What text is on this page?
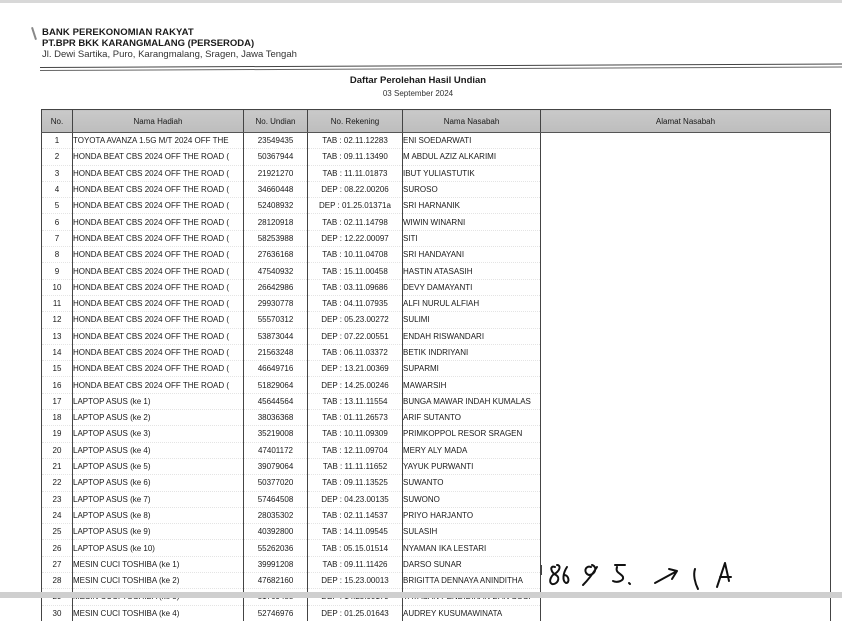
BANK PEREKONOMIAN RAKYAT
PT.BPR BKK KARANGMALANG (PERSERODA)
Jl. Dewi Sartika, Puro, Karangmalang, Sragen, Jawa Tengah
Daftar Perolehan Hasil Undian
03 September 2024
No.	Nama Hadiah	No. Undian	No. Rekening	Nama Nasabah	Alamat Nasabah
1	TOYOTA AVANZA 1.5G M/T 2024 OFF THE	23549435	TAB : 02.11.12283	ENI SOEDARWATI	
2	HONDA BEAT CBS 2024 OFF THE ROAD (	50367944	TAB : 09.11.13490	M ABDUL AZIZ ALKARIMI	
3	HONDA BEAT CBS 2024 OFF THE ROAD (	21921270	TAB : 11.11.01873	IBUT YULIASTUTIK	
4	HONDA BEAT CBS 2024 OFF THE ROAD (	34660448	DEP : 08.22.00206	SUROSO	
5	HONDA BEAT CBS 2024 OFF THE ROAD (	52408932	DEP : 01.25.01371a	SRI HARNANIK	
6	HONDA BEAT CBS 2024 OFF THE ROAD (	28120918	TAB : 02.11.14798	WIWIN WINARNI	
7	HONDA BEAT CBS 2024 OFF THE ROAD (	58253988	DEP : 12.22.00097	SITI	
8	HONDA BEAT CBS 2024 OFF THE ROAD (	27636168	TAB : 10.11.04708	SRI HANDAYANI	
9	HONDA BEAT CBS 2024 OFF THE ROAD (	47540932	TAB : 15.11.00458	HASTIN ATASASIH	
10	HONDA BEAT CBS 2024 OFF THE ROAD (	26642986	TAB : 03.11.09686	DEVY DAMAYANTI	
11	HONDA BEAT CBS 2024 OFF THE ROAD (	29930778	TAB : 04.11.07935	ALFI NURUL ALFIAH	
12	HONDA BEAT CBS 2024 OFF THE ROAD (	55570312	DEP : 05.23.00272	SULIMI	
13	HONDA BEAT CBS 2024 OFF THE ROAD (	53873044	DEP : 07.22.00551	ENDAH RISWANDARI	
14	HONDA BEAT CBS 2024 OFF THE ROAD (	21563248	TAB : 06.11.03372	BETIK INDRIYANI	
15	HONDA BEAT CBS 2024 OFF THE ROAD (	46649716	DEP : 13.21.00369	SUPARMI	
16	HONDA BEAT CBS 2024 OFF THE ROAD (	51829064	DEP : 14.25.00246	MAWARSIH	
17	LAPTOP ASUS (ke 1)	45644564	TAB : 13.11.11554	BUNGA MAWAR INDAH KUMALAS	
18	LAPTOP ASUS (ke 2)	38036368	TAB : 01.11.26573	ARIF SUTANTO	
19	LAPTOP ASUS (ke 3)	35219008	TAB : 10.11.09309	PRIMKOPPOL RESOR SRAGEN	
20	LAPTOP ASUS (ke 4)	47401172	TAB : 12.11.09704	MERY ALY MADA	
21	LAPTOP ASUS (ke 5)	39079064	TAB : 11.11.11652	YAYUK PURWANTI	
22	LAPTOP ASUS (ke 6)	50377020	TAB : 09.11.13525	SUWANTO	
23	LAPTOP ASUS (ke 7)	57464508	DEP : 04.23.00135	SUWONO	
24	LAPTOP ASUS (ke 8)	28035302	TAB : 02.11.14537	PRIYO HARJANTO	
25	LAPTOP ASUS (ke 9)	40392800	TAB : 14.11.09545	SULASIH	
26	LAPTOP ASUS (ke 10)	55262036	TAB : 05.15.01514	NYAMAN IKA LESTARI	
27	MESIN CUCI TOSHIBA (ke 1)	39991208	TAB : 09.11.11426	DARSO SUNAR	
28	MESIN CUCI TOSHIBA (ke 2)	47682160	DEP : 15.23.00013	BRIGITTA DENNAYA ANINDITHA	

30	MESIN CUCI TOSHIBA (ke 4)	52746976	DEP : 01.25.01643	AUDREY KUSUMAWINATA	
